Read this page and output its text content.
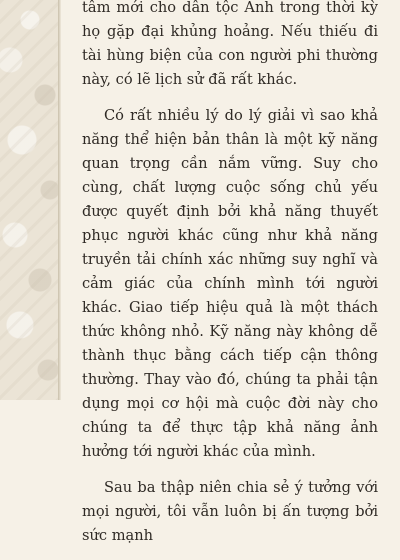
tâm mới cho dân tộc Anh trong thời kỳ họ gặp đại khủng hoảng. Nếu thiếu đi tài hùng biện của con người phi thường này, có lẽ lịch sử đã rất khác.

Có rất nhiều lý do lý giải vì sao khả năng thể hiện bản thân là một kỹ năng quan trọng cần nắm vững. Suy cho cùng, chất lượng cuộc sống chủ yếu được quyết định bởi khả năng thuyết phục người khác cũng như khả năng truyền tải chính xác những suy nghĩ và cảm giác của chính mình tới người khác. Giao tiếp hiệu quả là một thách thức không nhỏ. Kỹ năng này không dễ thành thục bằng cách tiếp cận thông thường. Thay vào đó, chúng ta phải tận dụng mọi cơ hội mà cuộc đời này cho chúng ta để thực tập khả năng ảnh hưởng tới người khác của mình.

Sau ba thập niên chia sẻ ý tưởng với mọi người, tôi vẫn luôn bị ấn tượng bởi sức mạnh
